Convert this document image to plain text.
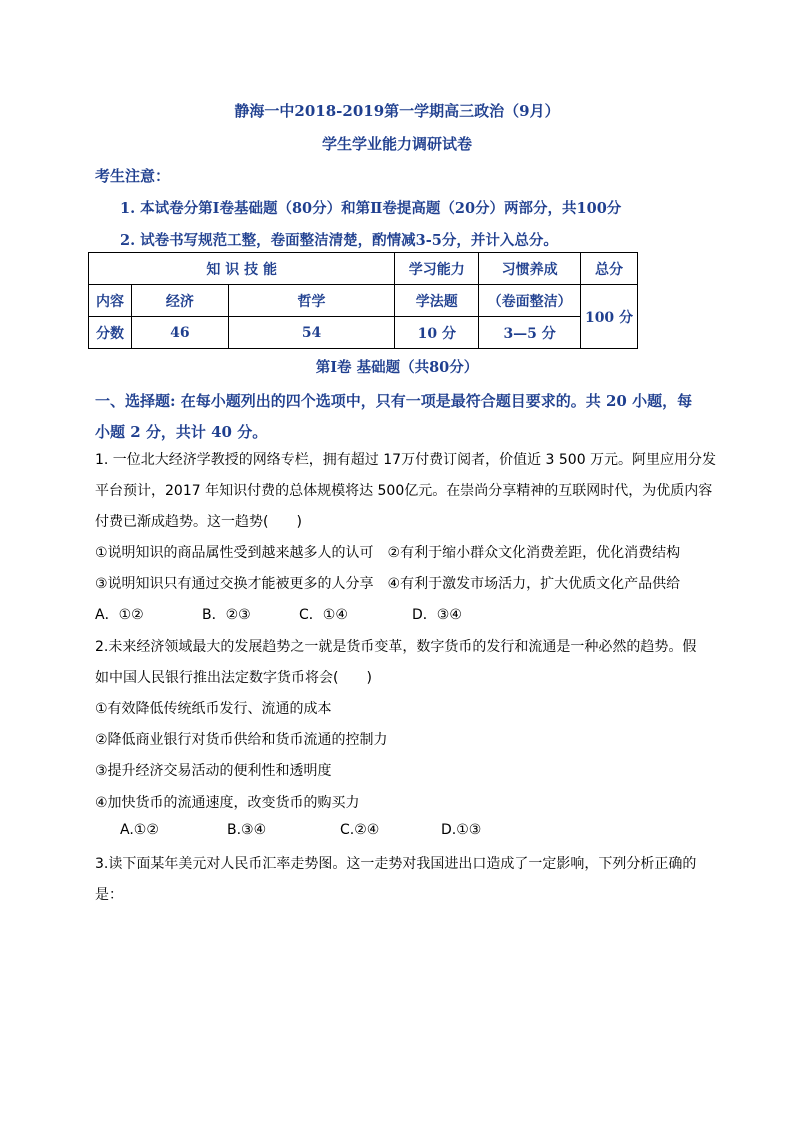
静海一中2018-2019第一学期高三政治（9月）
学生学业能力调研试卷
考生注意：
1. 本试卷分第Ⅰ卷基础题（80分）和第Ⅱ卷提高题（20分）两部分，共100分
2. 试卷书写规范工整，卷面整洁清楚，酌情减3-5分，并计入总分。
知 识 技 能			学习能力	习惯养成	总分
内容	经济	哲学	学法题	（卷面整洁）	100 分
分数	46	54	10 分	3—5 分	
第Ⅰ卷 基础题（共80分）
一、选择题: 在每小题列出的四个选项中，只有一项是最符合题目要求的。共 20 小题，每小题 2 分，共计 40 分。
1. 一位北大经济学教授的网络专栏，拥有超过 17万付费订阅者，价值近 3 500 万元。阿里应用分发
平台预计，2017 年知识付费的总体规模将达 500亿元。在崇尚分享精神的互联网时代，为优质内容
付费已渐成趋势。这一趋势(　　)
①说明知识的商品属性受到越来越多人的认可　②有利于缩小群众文化消费差距，优化消费结构
③说明知识只有通过交换才能被更多的人分享　④有利于激发市场活力，扩大优质文化产品供给
A．①②	B．②③	C．①④	D．③④
2.未来经济领域最大的发展趋势之一就是货币变革，数字货币的发行和流通是一种必然的趋势。假
如中国人民银行推出法定数字货币将会(　　)
①有效降低传统纸币发行、流通的成本
②降低商业银行对货币供给和货币流通的控制力
③提升经济交易活动的便利性和透明度
④加快货币的流通速度，改变货币的购买力
A.①②	B.③④	C.②④	D.①③
3.读下面某年美元对人民币汇率走势图。这一走势对我国进出口造成了一定影响，下列分析正确的
是：
